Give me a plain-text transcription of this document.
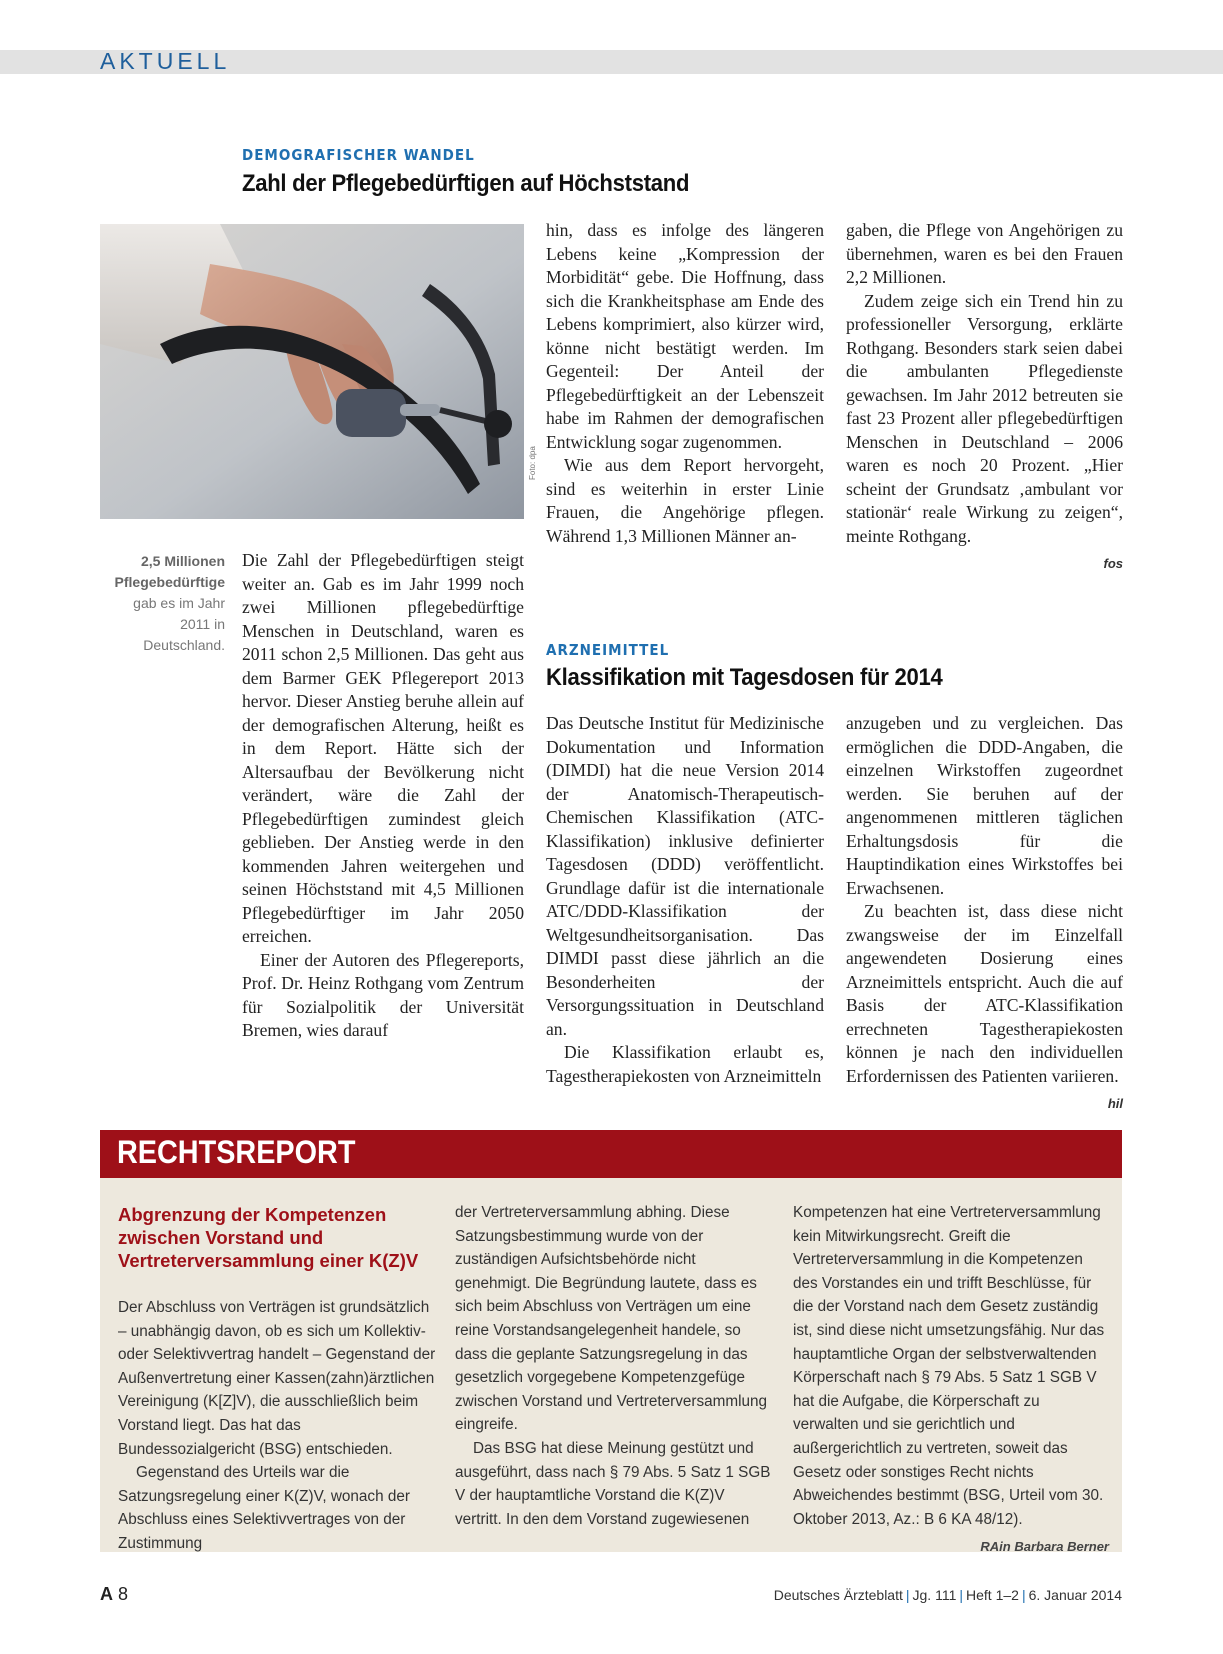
AKTUELL
DEMOGRAFISCHER WANDEL
Zahl der Pflegebedürftigen auf Höchststand
Foto: dpa
2,5 Millionen Pflegebedürftige
gab es im Jahr 2011 in Deutschland.

Die Zahl der Pflegebedürftigen steigt weiter an. Gab es im Jahr 1999 noch zwei Millionen pflegebedürftige Menschen in Deutschland, waren es 2011 schon 2,5 Millionen. Das geht aus dem Barmer GEK Pflegereport 2013 hervor. Dieser Anstieg beruhe allein auf der demografischen Alterung, heißt es in dem Report. Hätte sich der Altersaufbau der Bevölkerung nicht verändert, wäre die Zahl der Pflegebedürftigen zumindest gleich geblieben. Der Anstieg werde in den kommenden Jahren weitergehen und seinen Höchststand mit 4,5 Millionen Pflegebedürftiger im Jahr 2050 erreichen.

Einer der Autoren des Pflegereports, Prof. Dr. Heinz Rothgang vom Zentrum für Sozialpolitik der Universität Bremen, wies darauf

hin, dass es infolge des längeren Lebens keine „Kompression der Morbidität“ gebe. Die Hoffnung, dass sich die Krankheitsphase am Ende des Lebens komprimiert, also kürzer wird, könne nicht bestätigt werden. Im Gegenteil: Der Anteil der Pflegebedürftigkeit an der Lebenszeit habe im Rahmen der demografischen Entwicklung sogar zugenommen.

Wie aus dem Report hervorgeht, sind es weiterhin in erster Linie Frauen, die Angehörige pflegen. Während 1,3 Millionen Männer an-

gaben, die Pflege von Angehörigen zu übernehmen, waren es bei den Frauen 2,2 Millionen.

Zudem zeige sich ein Trend hin zu professioneller Versorgung, erklärte Rothgang. Besonders stark seien dabei die ambulanten Pflegedienste gewachsen. Im Jahr 2012 betreuten sie fast 23 Prozent aller pflegebedürftigen Menschen in Deutschland – 2006 waren es noch 20 Prozent. „Hier scheint der Grundsatz ‚ambulant vor stationär‘ reale Wirkung zu zeigen“, meinte Rothgang.

fos
ARZNEIMITTEL
Klassifikation mit Tagesdosen für 2014

Das Deutsche Institut für Medizinische Dokumentation und Information (DIMDI) hat die neue Version 2014 der Anatomisch-Therapeutisch-Chemischen Klassifikation (ATC-Klassifikation) inklusive definierter Tagesdosen (DDD) veröffentlicht. Grundlage dafür ist die internationale ATC/DDD-Klassifikation der Weltgesundheitsorganisation. Das DIMDI passt diese jährlich an die Besonderheiten der Versorgungssituation in Deutschland an.

Die Klassifikation erlaubt es, Tagestherapiekosten von Arzneimitteln

anzugeben und zu vergleichen. Das ermöglichen die DDD-Angaben, die einzelnen Wirkstoffen zugeordnet werden. Sie beruhen auf der angenommenen mittleren täglichen Erhaltungsdosis für die Hauptindikation eines Wirkstoffes bei Erwachsenen.

Zu beachten ist, dass diese nicht zwangsweise der im Einzelfall angewendeten Dosierung eines Arzneimittels entspricht. Auch die auf Basis der ATC-Klassifikation errechneten Tagestherapiekosten können je nach den individuellen Erfordernissen des Patienten variieren.

hil
RECHTSREPORT
Abgrenzung der Kompetenzen zwischen Vorstand und Vertreterversammlung einer K(Z)V

Der Abschluss von Verträgen ist grundsätzlich – unabhängig davon, ob es sich um Kollektiv- oder Selektivvertrag handelt – Gegenstand der Außenvertretung einer Kassen(zahn)ärztlichen Vereinigung (K[Z]V), die ausschließlich beim Vorstand liegt. Das hat das Bundessozialgericht (BSG) entschieden.

Gegenstand des Urteils war die Satzungsregelung einer K(Z)V, wonach der Abschluss eines Selektivvertrages von der Zustimmung

der Vertreterversammlung abhing. Diese Satzungsbestimmung wurde von der zuständigen Aufsichtsbehörde nicht genehmigt. Die Begründung lautete, dass es sich beim Abschluss von Verträgen um eine reine Vorstandsangelegenheit handele, so dass die geplante Satzungsregelung in das gesetzlich vorgegebene Kompetenzgefüge zwischen Vorstand und Vertreterversammlung eingreife.

Das BSG hat diese Meinung gestützt und ausgeführt, dass nach § 79 Abs. 5 Satz 1 SGB V der hauptamtliche Vorstand die K(Z)V vertritt. In den dem Vorstand zugewiesenen

Kompetenzen hat eine Vertreterversammlung kein Mitwirkungsrecht. Greift die Vertreterversammlung in die Kompetenzen des Vorstandes ein und trifft Beschlüsse, für die der Vorstand nach dem Gesetz zuständig ist, sind diese nicht umsetzungsfähig. Nur das hauptamtliche Organ der selbstverwaltenden Körperschaft nach § 79 Abs. 5 Satz 1 SGB V hat die Aufgabe, die Körperschaft zu verwalten und sie gerichtlich und außergerichtlich zu vertreten, soweit das Gesetz oder sonstiges Recht nichts Abweichendes bestimmt (BSG, Urteil vom 30. Oktober 2013, Az.: B 6 KA 48/12).

RAin Barbara Berner
A 8	Deutsches Ärzteblatt | Jg. 111 | Heft 1–2 | 6. Januar 2014
